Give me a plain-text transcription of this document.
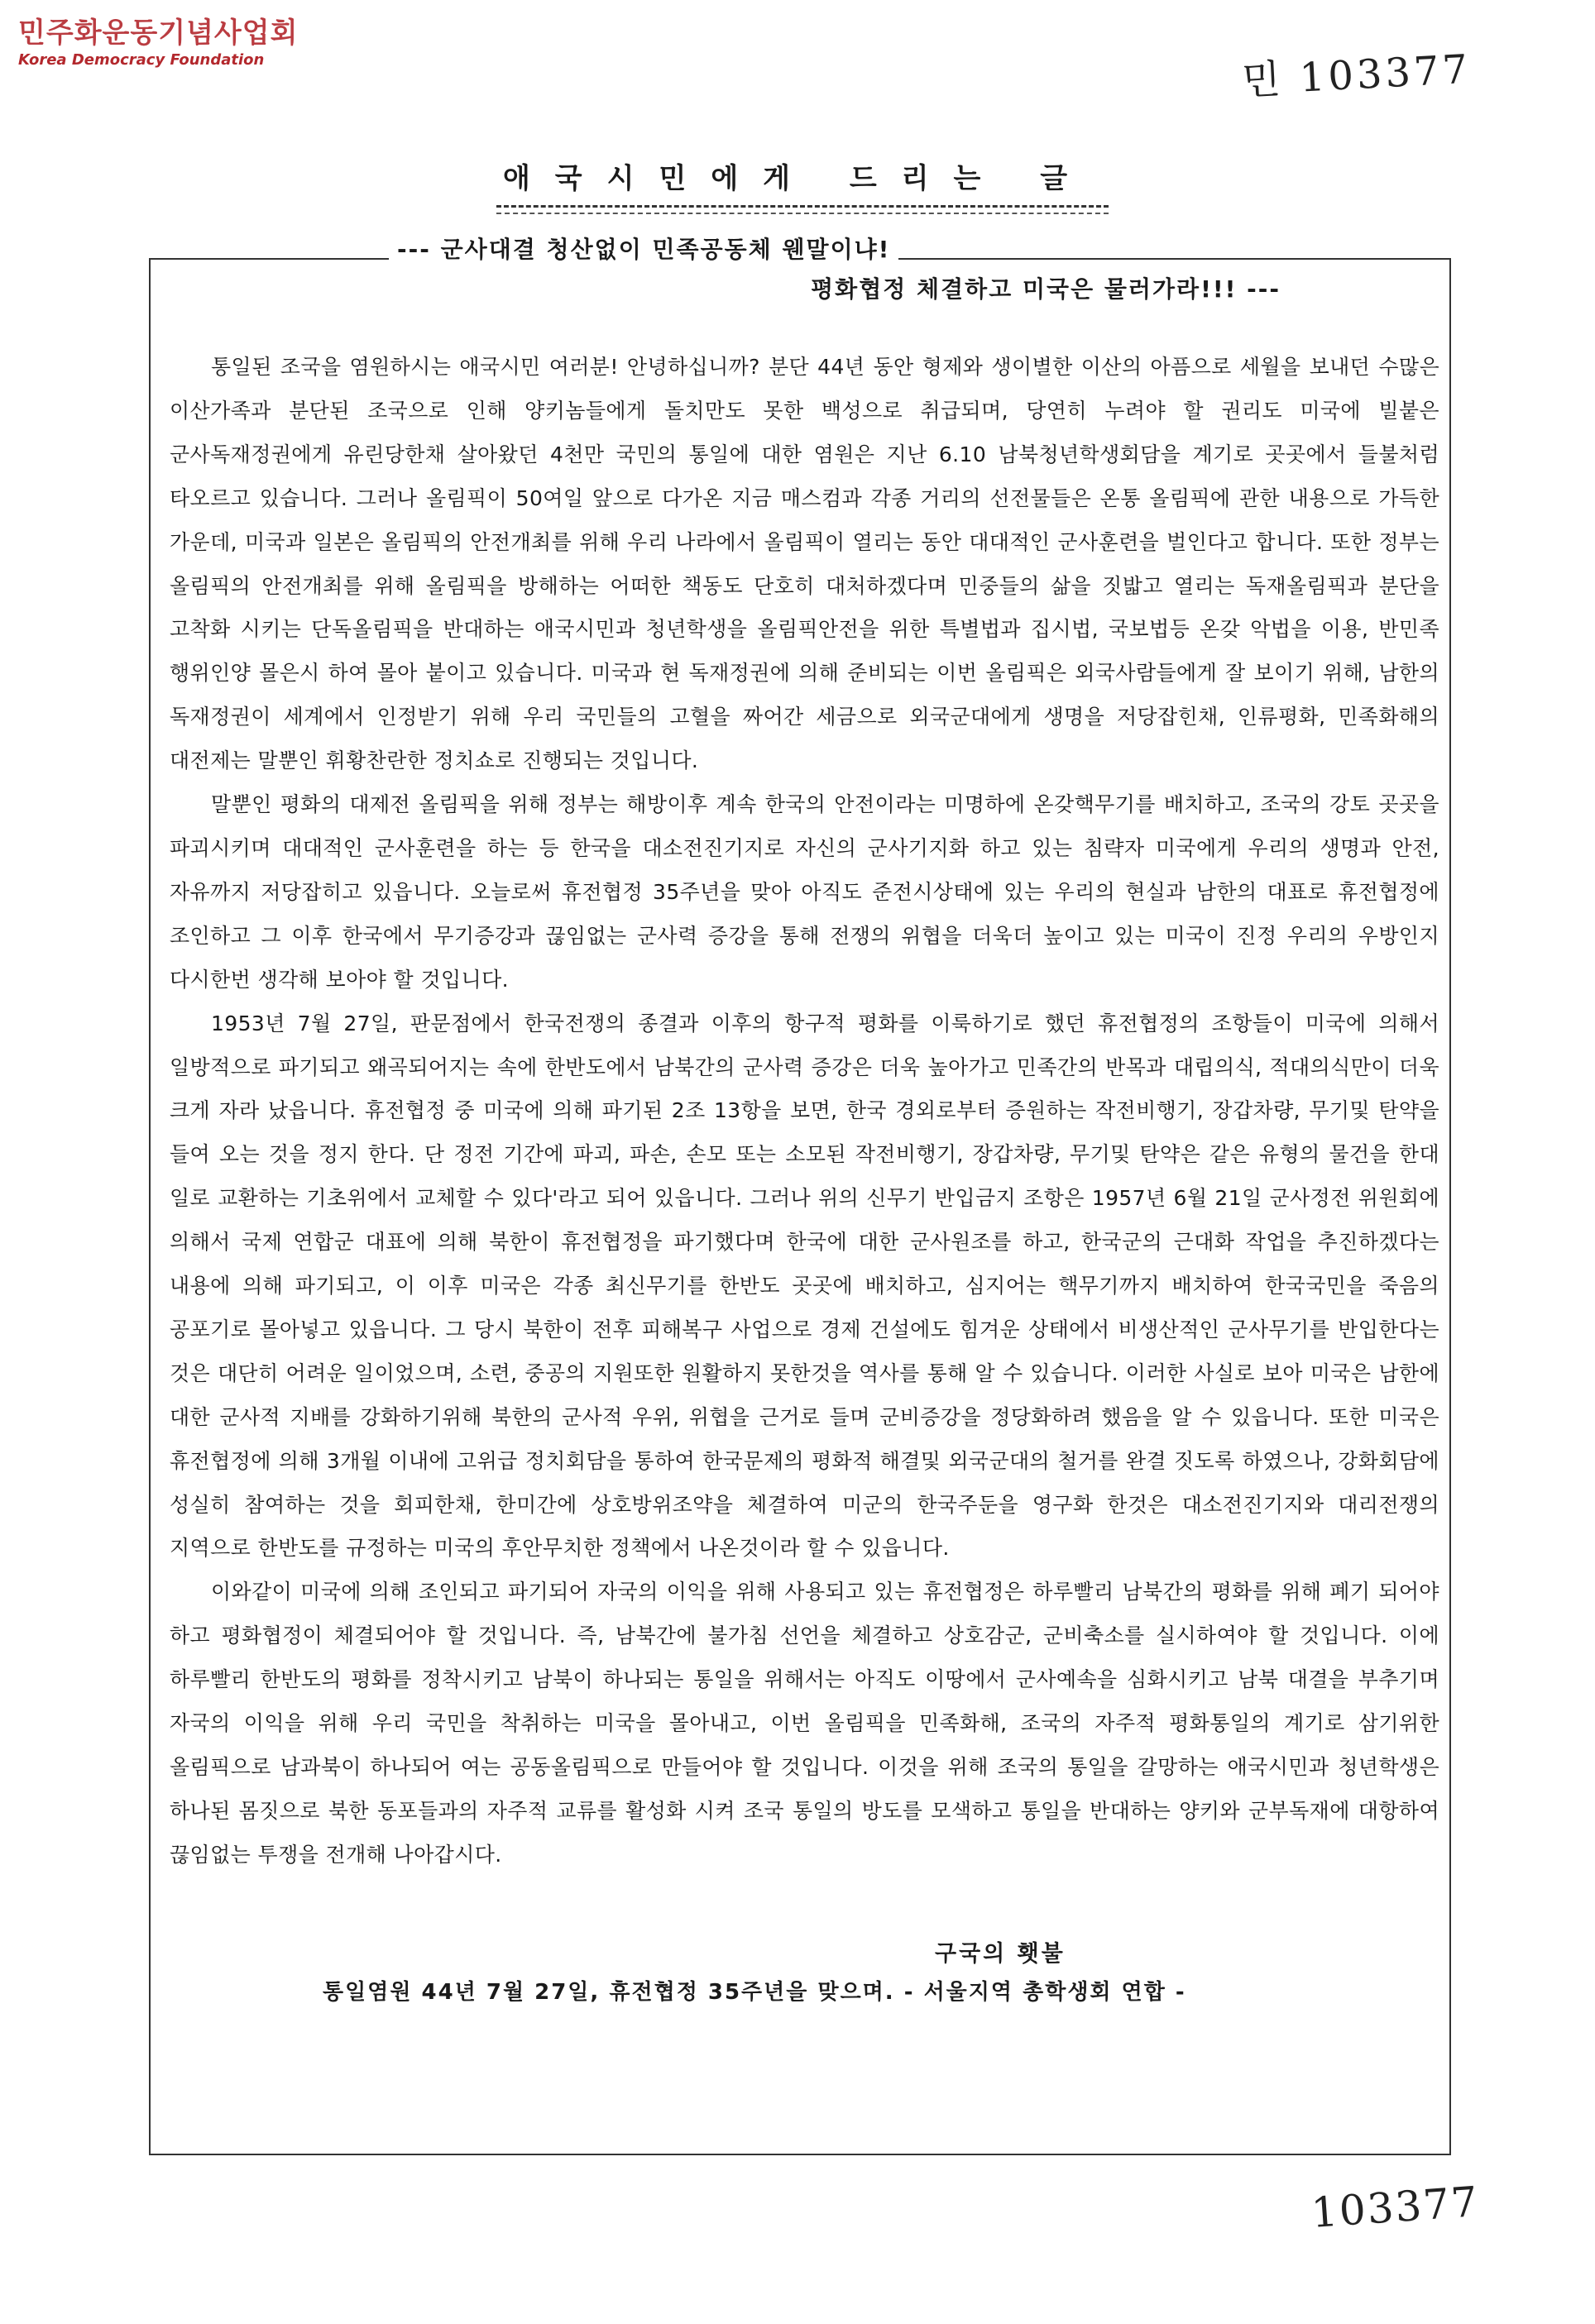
민주화운동기념사업회
Korea Democracy Foundation	민 103377
애국시민에게 드리는 글
--- 군사대결 청산없이 민족공동체 웬말이냐!
평화협정 체결하고 미국은 물러가라!!! ---

통일된 조국을 염원하시는 애국시민 여러분! 안녕하십니까? 분단 44년 동안 형제와 생이별한 이산의 아픔으로 세월을 보내던 수많은 이산가족과 분단된 조국으로 인해 양키놈들에게 돌치만도 못한 백성으로 취급되며, 당연히 누려야 할 권리도 미국에 빌붙은 군사독재정권에게 유린당한채 살아왔던 4천만 국민의 통일에 대한 염원은 지난 6.10 남북청년학생회담을 계기로 곳곳에서 들불처럼 타오르고 있습니다. 그러나 올림픽이 50여일 앞으로 다가온 지금 매스컴과 각종 거리의 선전물들은 온통 올림픽에 관한 내용으로 가득한 가운데, 미국과 일본은 올림픽의 안전개최를 위해 우리 나라에서 올림픽이 열리는 동안 대대적인 군사훈련을 벌인다고 합니다. 또한 정부는 올림픽의 안전개최를 위해 올림픽을 방해하는 어떠한 책동도 단호히 대처하겠다며 민중들의 삶을 짓밟고 열리는 독재올림픽과 분단을 고착화 시키는 단독올림픽을 반대하는 애국시민과 청년학생을 올림픽안전을 위한 특별법과 집시법, 국보법등 온갖 악법을 이용, 반민족 행위인양 몰은시 하여 몰아 붙이고 있습니다. 미국과 현 독재정권에 의해 준비되는 이번 올림픽은 외국사람들에게 잘 보이기 위해, 남한의 독재정권이 세계에서 인정받기 위해 우리 국민들의 고혈을 짜어간 세금으로 외국군대에게 생명을 저당잡힌채, 인류평화, 민족화해의 대전제는 말뿐인 휘황찬란한 정치쇼로 진행되는 것입니다.

말뿐인 평화의 대제전 올림픽을 위해 정부는 해방이후 계속 한국의 안전이라는 미명하에 온갖핵무기를 배치하고, 조국의 강토 곳곳을 파괴시키며 대대적인 군사훈련을 하는 등 한국을 대소전진기지로 자신의 군사기지화 하고 있는 침략자 미국에게 우리의 생명과 안전, 자유까지 저당잡히고 있읍니다. 오늘로써 휴전협정 35주년을 맞아 아직도 준전시상태에 있는 우리의 현실과 남한의 대표로 휴전협정에 조인하고 그 이후 한국에서 무기증강과 끊임없는 군사력 증강을 통해 전쟁의 위협을 더욱더 높이고 있는 미국이 진정 우리의 우방인지 다시한번 생각해 보아야 할 것입니다.

1953년 7월 27일, 판문점에서 한국전쟁의 종결과 이후의 항구적 평화를 이룩하기로 했던 휴전협정의 조항들이 미국에 의해서 일방적으로 파기되고 왜곡되어지는 속에 한반도에서 남북간의 군사력 증강은 더욱 높아가고 민족간의 반목과 대립의식, 적대의식만이 더욱 크게 자라 났읍니다. 휴전협정 중 미국에 의해 파기된 2조 13항을 보면, 한국 경외로부터 증원하는 작전비행기, 장갑차량, 무기및 탄약을 들여 오는 것을 정지 한다. 단 정전 기간에 파괴, 파손, 손모 또는 소모된 작전비행기, 장갑차량, 무기및 탄약은 같은 유형의 물건을 한대 일로 교환하는 기초위에서 교체할 수 있다'라고 되어 있읍니다. 그러나 위의 신무기 반입금지 조항은 1957년 6월 21일 군사정전 위원회에 의해서 국제 연합군 대표에 의해 북한이 휴전협정을 파기했다며 한국에 대한 군사원조를 하고, 한국군의 근대화 작업을 추진하겠다는 내용에 의해 파기되고, 이 이후 미국은 각종 최신무기를 한반도 곳곳에 배치하고, 심지어는 핵무기까지 배치하여 한국국민을 죽음의 공포기로 몰아넣고 있읍니다. 그 당시 북한이 전후 피해복구 사업으로 경제 건설에도 힘겨운 상태에서 비생산적인 군사무기를 반입한다는 것은 대단히 어려운 일이었으며, 소련, 중공의 지원또한 원활하지 못한것을 역사를 통해 알 수 있습니다. 이러한 사실로 보아 미국은 남한에 대한 군사적 지배를 강화하기위해 북한의 군사적 우위, 위협을 근거로 들며 군비증강을 정당화하려 했음을 알 수 있읍니다. 또한 미국은 휴전협정에 의해 3개월 이내에 고위급 정치회담을 통하여 한국문제의 평화적 해결및 외국군대의 철거를 완결 짓도록 하였으나, 강화회담에 성실히 참여하는 것을 회피한채, 한미간에 상호방위조약을 체결하여 미군의 한국주둔을 영구화 한것은 대소전진기지와 대리전쟁의 지역으로 한반도를 규정하는 미국의 후안무치한 정책에서 나온것이라 할 수 있읍니다.

이와같이 미국에 의해 조인되고 파기되어 자국의 이익을 위해 사용되고 있는 휴전협정은 하루빨리 남북간의 평화를 위해 폐기 되어야 하고 평화협정이 체결되어야 할 것입니다. 즉, 남북간에 불가침 선언을 체결하고 상호감군, 군비축소를 실시하여야 할 것입니다. 이에 하루빨리 한반도의 평화를 정착시키고 남북이 하나되는 통일을 위해서는 아직도 이땅에서 군사예속을 심화시키고 남북 대결을 부추기며 자국의 이익을 위해 우리 국민을 착취하는 미국을 몰아내고, 이번 올림픽을 민족화해, 조국의 자주적 평화통일의 계기로 삼기위한 올림픽으로 남과북이 하나되어 여는 공동올림픽으로 만들어야 할 것입니다. 이것을 위해 조국의 통일을 갈망하는 애국시민과 청년학생은 하나된 몸짓으로 북한 동포들과의 자주적 교류를 활성화 시켜 조국 통일의 방도를 모색하고 통일을 반대하는 양키와 군부독재에 대항하여 끊임없는 투쟁을 전개해 나아갑시다.

구국의 횃불
통일염원 44년 7월 27일, 휴전협정 35주년을 맞으며. - 서울지역 총학생회 연합 -
103377
